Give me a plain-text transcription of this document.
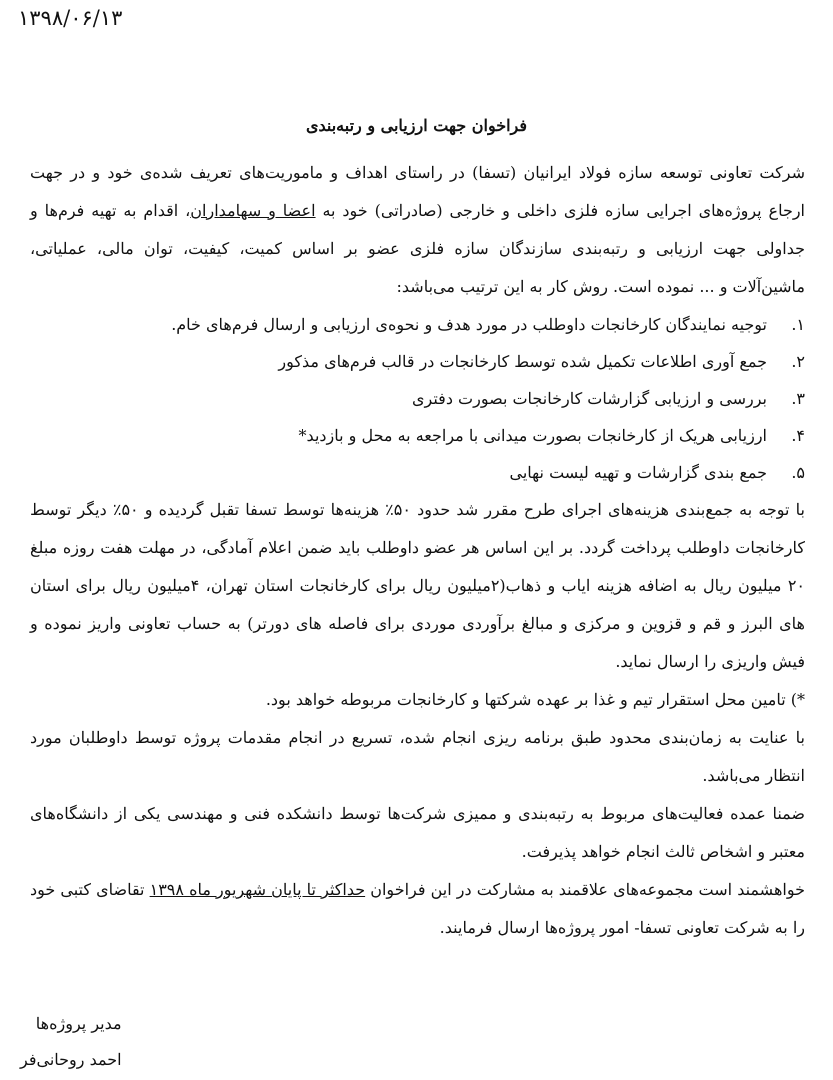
۱۳۹۸/۰۶/۱۳

فراخوان جهت ارزیابی و رتبه‌بندی

شرکت تعاونی توسعه سازه فولاد ایرانیان (تسفا) در راستای اهداف و ماموریت‌های تعریف شده‌ی خود و در جهت ارجاع پروژه‌های اجرایی سازه فلزی داخلی و خارجی (صادراتی) خود به اعضا و سهامداران، اقدام به تهیه فرم‌ها و جداولی جهت ارزیابی و رتبه‌بندی سازندگان سازه فلزی عضو بر اساس کمیت، کیفیت، توان مالی، عملیاتی، ماشین‌آلات و ... نموده است. روش کار به این ترتیب می‌باشد:

۱.
توجیه نمایندگان کارخانجات داوطلب در مورد هدف و نحوه‌ی ارزیابی و ارسال فرم‌های خام.
۲.
جمع آوری اطلاعات تکمیل شده توسط کارخانجات در قالب فرم‌های مذکور
۳.
بررسی و ارزیابی گزارشات کارخانجات بصورت دفتری
۴.
ارزیابی هریک از کارخانجات بصورت میدانی با مراجعه به محل و بازدید*
۵.
جمع بندی گزارشات و تهیه لیست نهایی

با توجه به جمع‌بندی هزینه‌های اجرای طرح مقرر شد حدود ۵۰٪ هزینه‌ها توسط تسفا تقبل گردیده و ۵۰٪ دیگر توسط کارخانجات داوطلب پرداخت گردد. بر این اساس هر عضو داوطلب باید ضمن اعلام آمادگی، در مهلت هفت روزه مبلغ ۲۰ میلیون ریال به اضافه هزینه ایاب و ذهاب(۲میلیون ریال برای کارخانجات استان تهران، ۴میلیون ریال برای استان های البرز و قم و قزوین و مرکزی و مبالغ برآوردی موردی برای فاصله های دورتر) به حساب تعاونی واریز نموده و فیش واریزی را ارسال نماید.

*) تامین محل استقرار تیم و غذا بر عهده شرکتها و کارخانجات مربوطه خواهد بود.

با عنایت به زمان‌بندی محدود طبق برنامه ریزی انجام شده، تسریع در انجام مقدمات پروژه توسط داوطلبان مورد انتظار می‌باشد.

ضمنا عمده فعالیت‌های مربوط به رتبه‌بندی و ممیزی شرکت‌ها توسط دانشکده فنی و مهندسی یکی از دانشگاه‌های معتبر و اشخاص ثالث انجام خواهد پذیرفت.

خواهشمند است مجموعه‌های علاقمند به مشارکت در این فراخوان حداکثر تا پایان شهریور ماه ۱۳۹۸ تقاضای کتبی خود را به شرکت تعاونی تسفا- امور پروژه‌ها ارسال فرمایند.

مدیر پروژه‌ها
احمد روحانی‌فر
